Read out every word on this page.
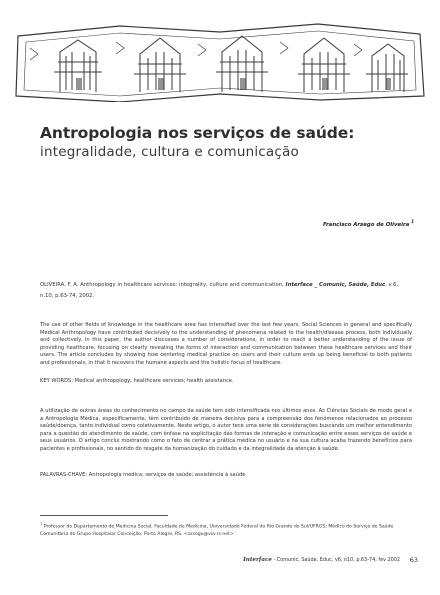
Antropologia nos serviços de saúde:
integralidade, cultura e comunicação
Francisco Arsego de Oliveira $^1$
OLIVEIRA, F. A. Anthropology in healthcare services: integrality, culture and communication, Interface _ Comunic, Saúde, Educ, v.6, n.10, p.63-74, 2002.
The use of other fields of knowledge in the healthcare area has intensified over the last few years. Social Sciences in general and specifically Medical Anthropology have contributed decisively to the understanding of phenomena related to the health/disease process, both individually and collectively. In this paper, the author discusses a number of considerations, in order to reach a better understanding of the issue of providing healthcare, focusing on clearly revealing the forms of interaction and communication between these healthcare services and their users. The article concludes by showing how centering medical practice on users and their culture ends up being beneficial to both patients and professionals, in that it recovers the humane aspects and the holistic focus of healthcare.
KEY WORDS: Medical anthropology; healthcare services; health assistance.
A utilização de outras áreas do conhecimento no campo da saúde tem sido intensificada nos últimos anos. As Ciências Sociais de modo geral e a Antropologia Médica, especificamente, têm contribuído de maneira decisiva para a compreensão dos fenômenos relacionados ao processo saúde/doença, tanto individual como coletivamente. Neste artigo, o autor tece uma série de considerações buscando um melhor entendimento para a questão do atendimento de saúde, com ênfase na explicitação das formas de interação e comunicação entre esses serviços de saúde e seus usuários. O artigo conclui mostrando como o fato de centrar a prática médica no usuário e na sua cultura acaba trazendo benefícios para pacientes e profissionais, no sentido do resgate da humanização do cuidado e da integralidade da atenção à saúde.
PALAVRAS-CHAVE: Antropologia médica; serviços de saúde; assistência à saúde.
$^1$ Professor do Departamento de Medicina Social, Faculdade de Medicina, Universidade Federal do Rio Grande do Sul/UFRGS; Médico do Serviço de Saúde Comunitária do Grupo Hospitalar Conceição, Porto Alegre, RS. <arsego@via-rs.net>
Interface - Comunic, Saúde, Educ, v6, n10, p.63-74, fev 2002 63
